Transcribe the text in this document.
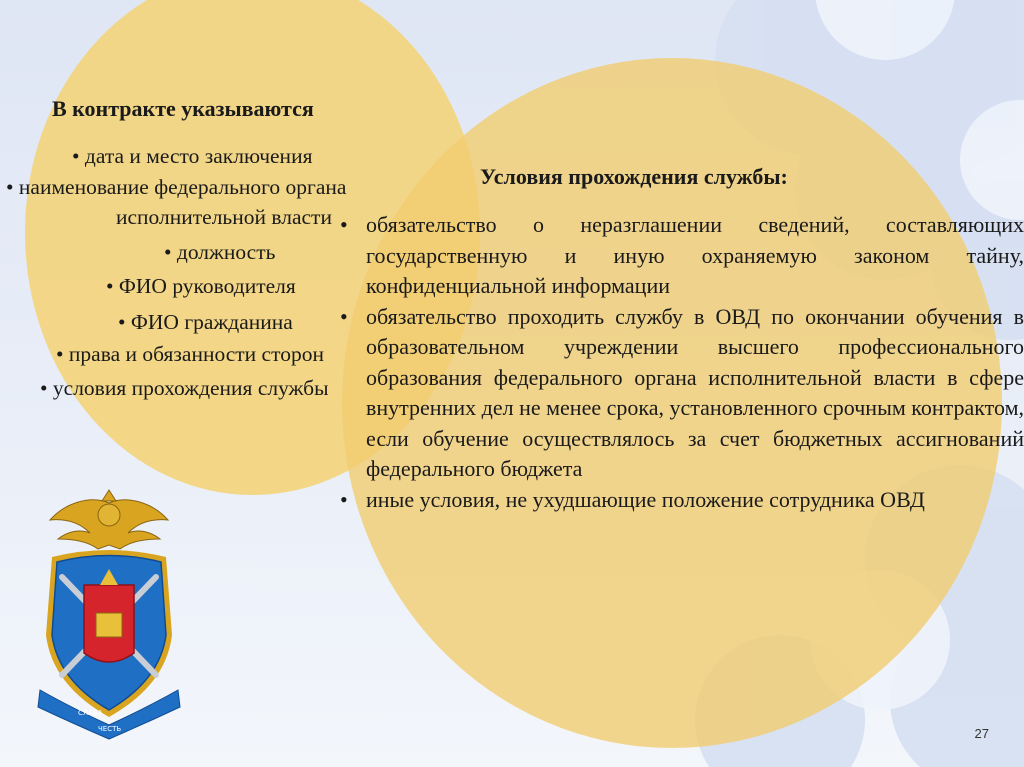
В контракте указываются
• дата и место заключения
• наименование федерального органа
исполнительной власти
• должность
• ФИО руководителя
• ФИО гражданина
• права и обязанности сторон
• условия прохождения службы
Условия прохождения службы:
• обязательство о неразглашении сведений, составляющих государственную и иную охраняемую законом тайну, конфиденциальной информации
• обязательство проходить службу в ОВД по окончании обучения в образовательном учреждении высшего профессионального образования федерального органа исполнительной власти в сфере внутренних дел не менее срока, установленного срочным контрактом, если обучение осуществлялось за счет бюджетных ассигнований федерального бюджета
• иные условия, не ухудшающие положение сотрудника ОВД
СЛАВА
ЧЕСТЬ	27
